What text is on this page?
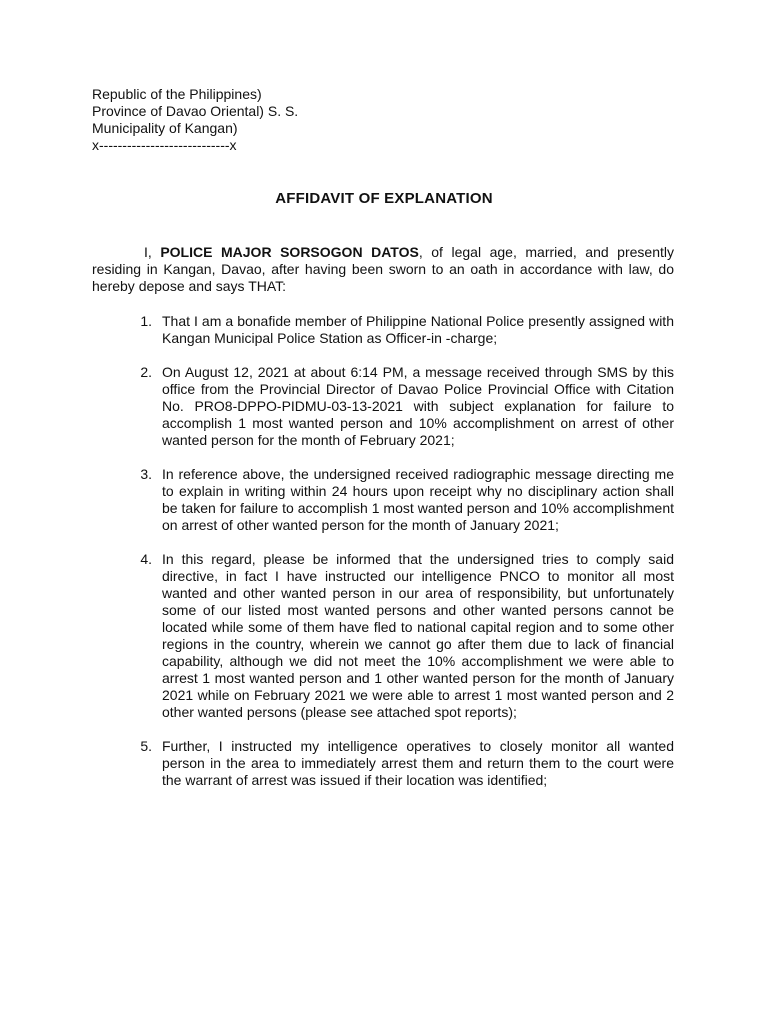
Republic of the Philippines)
Province of Davao Oriental) S. S.
Municipality of Kangan)
x----------------------------x
AFFIDAVIT OF EXPLANATION
I, POLICE MAJOR SORSOGON DATOS, of legal age, married, and presently residing in Kangan, Davao, after having been sworn to an oath in accordance with law, do hereby depose and says THAT:
1. That I am a bonafide member of Philippine National Police presently assigned with Kangan Municipal Police Station as Officer-in -charge;
2. On August 12, 2021 at about 6:14 PM, a message received through SMS by this office from the Provincial Director of Davao Police Provincial Office with Citation No. PRO8-DPPO-PIDMU-03-13-2021 with subject explanation for failure to accomplish 1 most wanted person and 10% accomplishment on arrest of other wanted person for the month of February 2021;
3. In reference above, the undersigned received radiographic message directing me to explain in writing within 24 hours upon receipt why no disciplinary action shall be taken for failure to accomplish 1 most wanted person and 10% accomplishment on arrest of other wanted person for the month of January 2021;
4. In this regard, please be informed that the undersigned tries to comply said directive, in fact I have instructed our intelligence PNCO to monitor all most wanted and other wanted person in our area of responsibility, but unfortunately some of our listed most wanted persons and other wanted persons cannot be located while some of them have fled to national capital region and to some other regions in the country, wherein we cannot go after them due to lack of financial capability, although we did not meet the 10% accomplishment we were able to arrest 1 most wanted person and 1 other wanted person for the month of January 2021 while on February 2021 we were able to arrest 1 most wanted person and 2 other wanted persons (please see attached spot reports);
5. Further, I instructed my intelligence operatives to closely monitor all wanted person in the area to immediately arrest them and return them to the court were the warrant of arrest was issued if their location was identified;
